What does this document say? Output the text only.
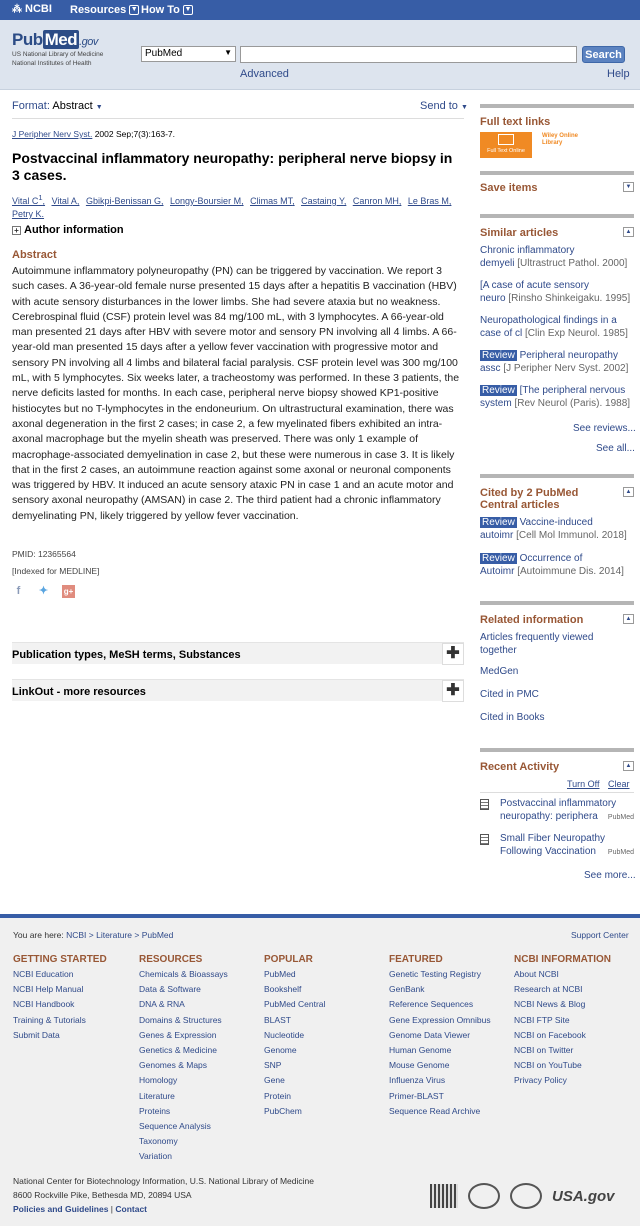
⁂ NCBI Resources ▼ How To ▼
Pub Med .gov
US National Library of Medicine
National Institutes of Health
PubMed	▼	Search
Advanced	Help
Format: Abstract ▼	Send to ▼
J Peripher Nerv Syst. 2002 Sep;7(3):163-7.
Postvaccinal inflammatory neuropathy: peripheral nerve biopsy in 3 cases.
Vital $C^1$, Vital A, Gbikpi-Benissan G, Longy-Boursier M, Climas MT, Castaing Y, Canron MH, Le Bras M, Petry K.
+ Author information
Abstract
Autoimmune inflammatory polyneuropathy (PN) can be triggered by vaccination. We report 3 such cases. A 36-year-old female nurse presented 15 days after a hepatitis B vaccination (HBV) with acute sensory disturbances in the lower limbs. She had severe ataxia but no weakness. Cerebrospinal fluid (CSF) protein level was 84 mg/100 mL, with 3 lymphocytes. A 66-year-old man presented 21 days after HBV with severe motor and sensory PN involving all 4 limbs. A 66-year-old man presented 15 days after a yellow fever vaccination with progressive motor and sensory PN involving all 4 limbs and bilateral facial paralysis. CSF protein level was 300 mg/100 mL, with 5 lymphocytes. Six weeks later, a tracheostomy was performed. In these 3 patients, the nerve deficits lasted for months. In each case, peripheral nerve biopsy showed KP1-positive histiocytes but no T-lymphocytes in the endoneurium. On ultrastructural examination, there was axonal degeneration in the first 2 cases; in case 2, a few myelinated fibers exhibited an intra-axonal macrophage but the myelin sheath was preserved. There was only 1 example of macrophage-associated demyelination in case 2, but these were numerous in case 3. It is likely that in the first 2 cases, an autoimmune reaction against some axonal or neuronal components was triggered by HBV. It induced an acute sensory ataxic PN in case 1 and an acute motor and sensory axonal neuropathy (AMSAN) in case 2. The third patient had a chronic inflammatory demyelinating PN, likely triggered by yellow fever vaccination.
PMID: 12365564
[Indexed for MEDLINE]
f	✦ g+
Publication types, MeSH terms, Substances	✚
LinkOut - more resources	✚
Full text links
Full Text Online
Wiley Online Library
Save items	▼
Similar articles	▲
Chronic inflammatory
demyeli [Ultrastruct Pathol. 2000]
[A case of acute sensory
neuro [Rinsho Shinkeigaku. 1995]
Neuropathological findings in a
case of cl [Clin Exp Neurol. 1985]
Review Peripheral neuropathy
assc [J Peripher Nerv Syst. 2002]
Review [The peripheral nervous
system [Rev Neurol (Paris). 1988]
See reviews...
See all...
Cited by 2 PubMed
Central articles
▲
Review Vaccine-induced
autoimr [Cell Mol Immunol. 2018]
Review Occurrence of
Autoimr [Autoimmune Dis. 2014]
Related information	▲
Articles frequently viewed together
MedGen
Cited in PMC
Cited in Books
Recent Activity	▲
Turn Off Clear
Postvaccinal inflammatory
neuropathy: periphera	PubMed
Small Fiber Neuropathy
Following Vaccination	PubMed
See more...
You are here: NCBI > Literature > PubMed	Support Center
GETTING STARTED
NCBI Education
NCBI Help Manual
NCBI Handbook
Training & Tutorials
Submit Data
RESOURCES
Chemicals & Bioassays
Data & Software
DNA & RNA
Domains & Structures
Genes & Expression
Genetics & Medicine
Genomes & Maps
Homology
Literature
Proteins
Sequence Analysis
Taxonomy
Variation
POPULAR
PubMed
Bookshelf
PubMed Central
BLAST
Nucleotide
Genome
SNP
Gene
Protein
PubChem
FEATURED
Genetic Testing Registry
GenBank
Reference Sequences
Gene Expression Omnibus
Genome Data Viewer
Human Genome
Mouse Genome
Influenza Virus
Primer-BLAST
Sequence Read Archive
NCBI INFORMATION
About NCBI
Research at NCBI
NCBI News & Blog
NCBI FTP Site
NCBI on Facebook
NCBI on Twitter
NCBI on YouTube
Privacy Policy
National Center for Biotechnology Information, U.S. National Library of Medicine
8600 Rockville Pike, Bethesda MD, 20894 USA
Policies and Guidelines | Contact
USA.gov
